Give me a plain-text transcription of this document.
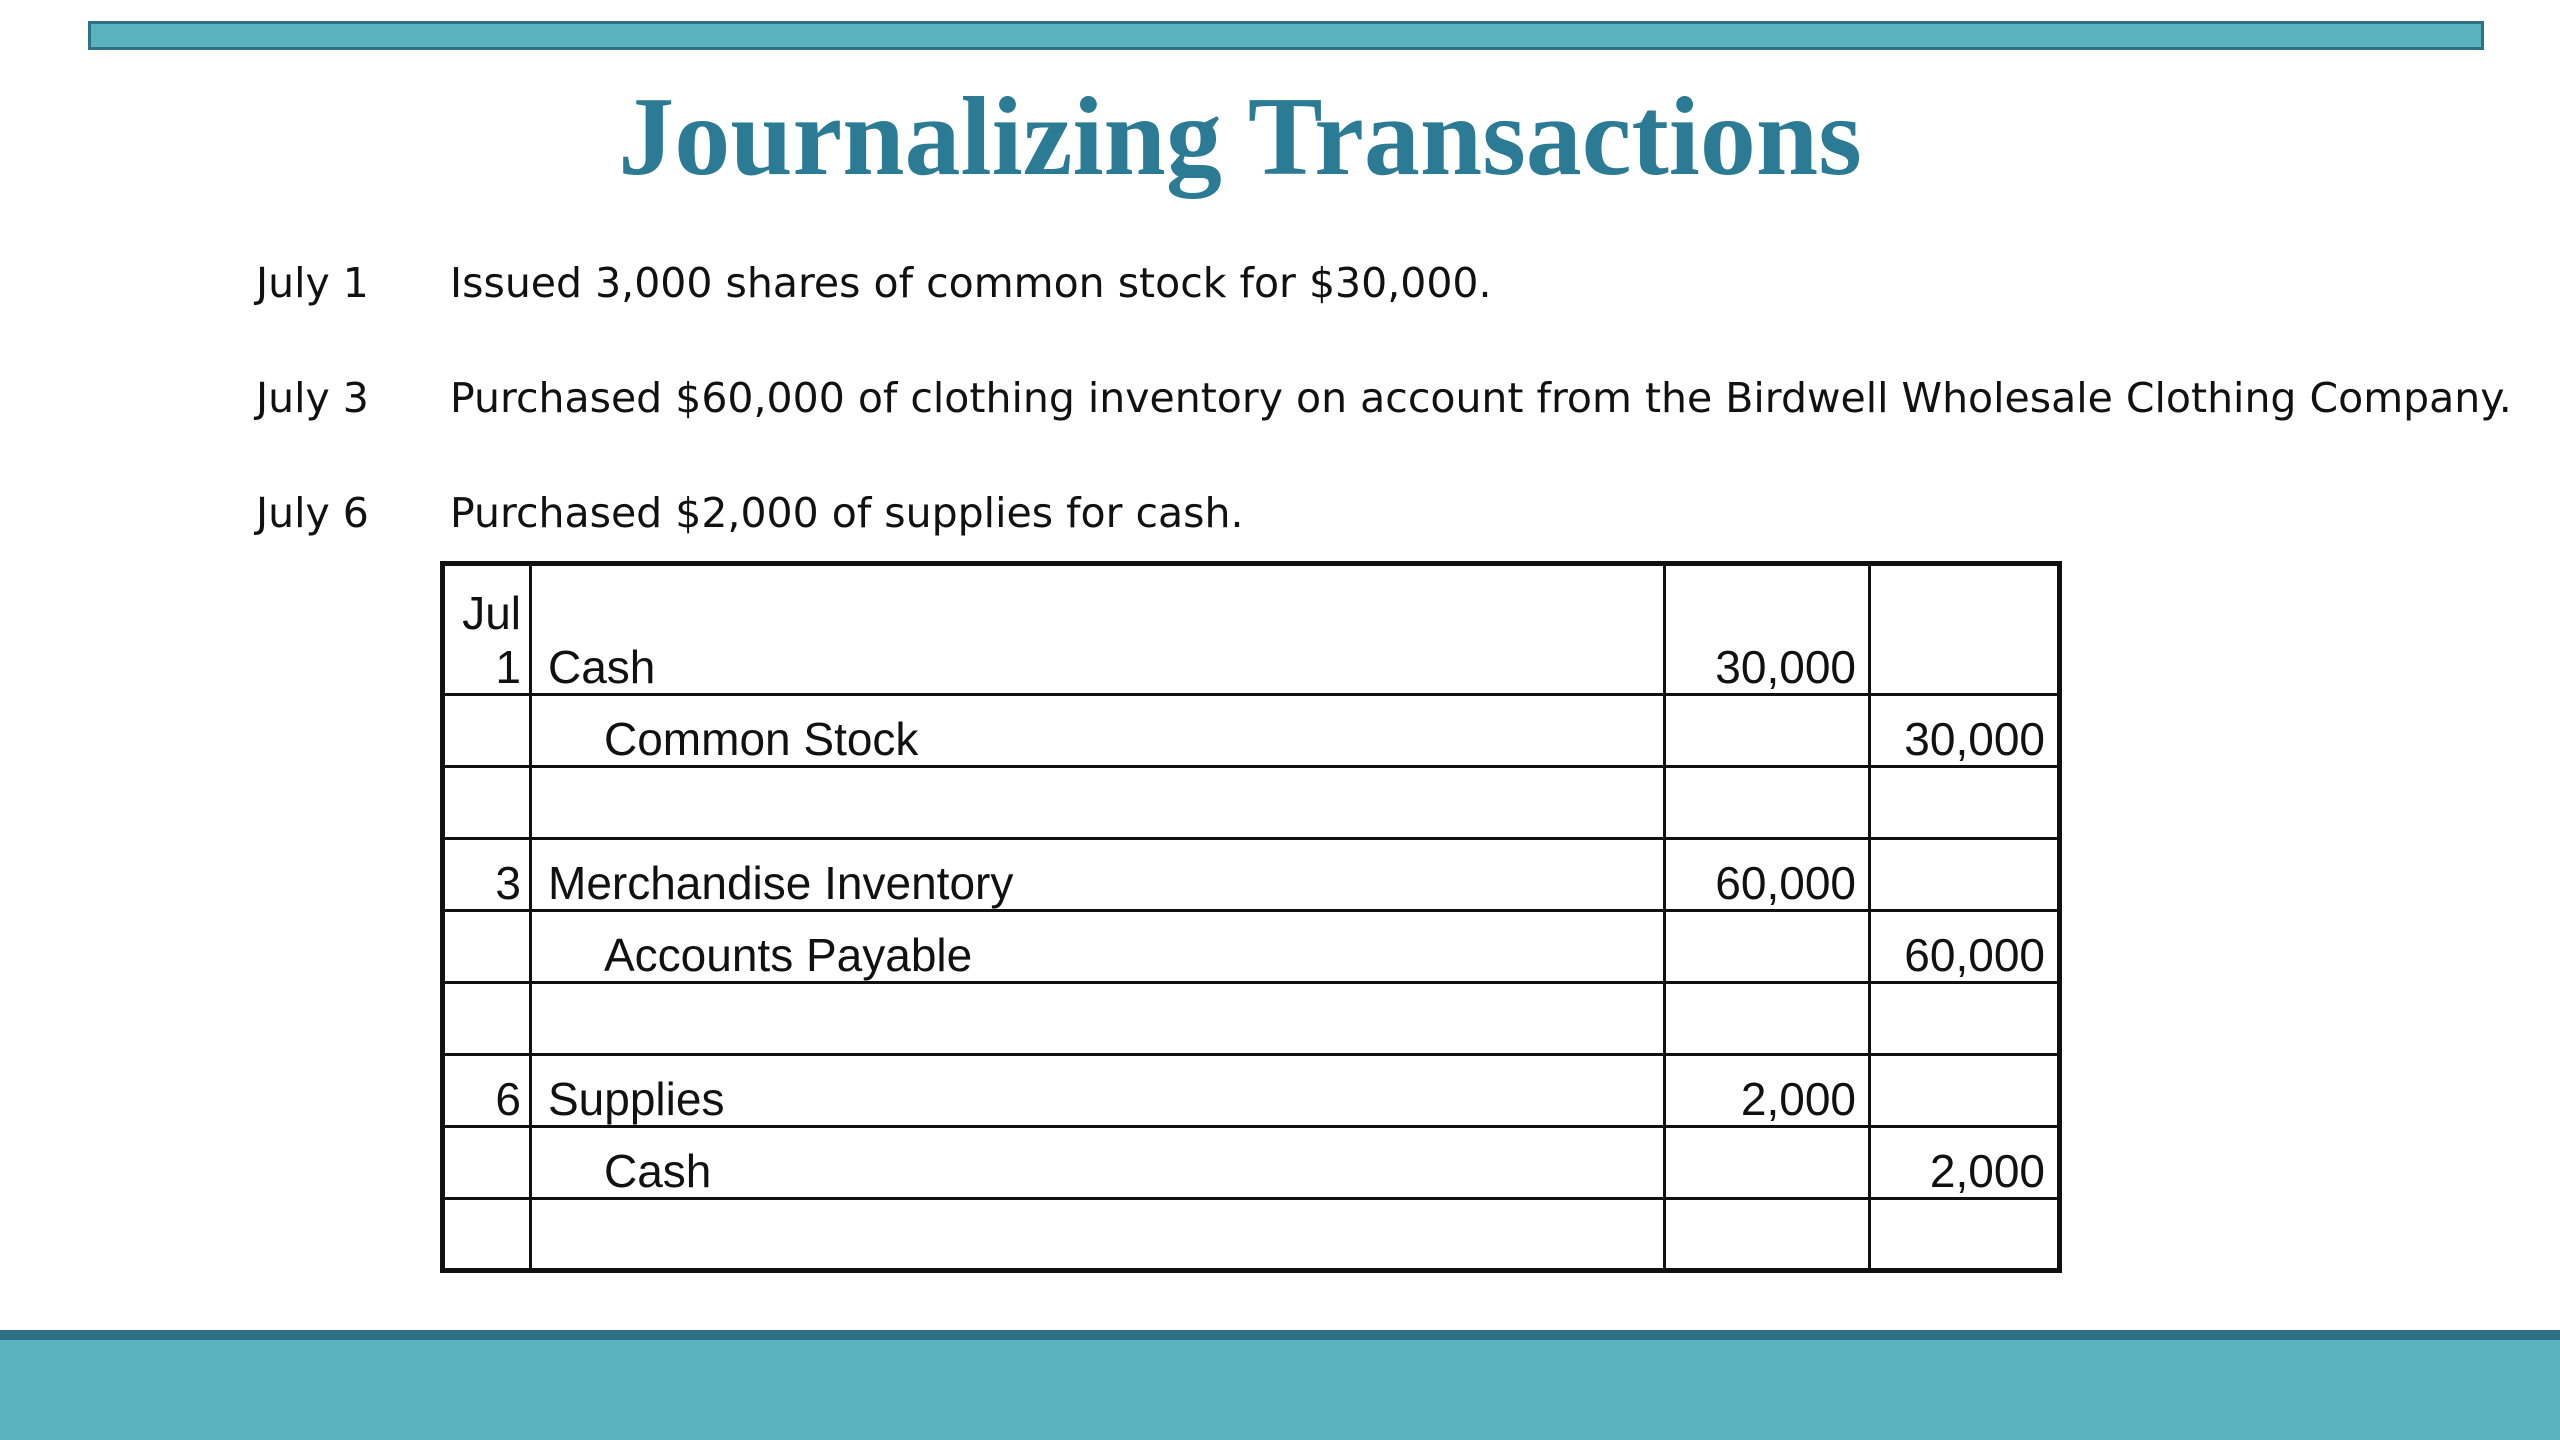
Journalizing Transactions
July 1 Issued 3,000 shares of common stock for $30,000.
July 3 Purchased $60,000 of clothing inventory on account from the Birdwell Wholesale Clothing Company.
July 6 Purchased $2,000 of supplies for cash.
Jul
1	Cash	30,000	
	Common Stock		30,000

3	Merchandise Inventory	60,000	
	Accounts Payable		60,000

6	Supplies	2,000	
	Cash		2,000
